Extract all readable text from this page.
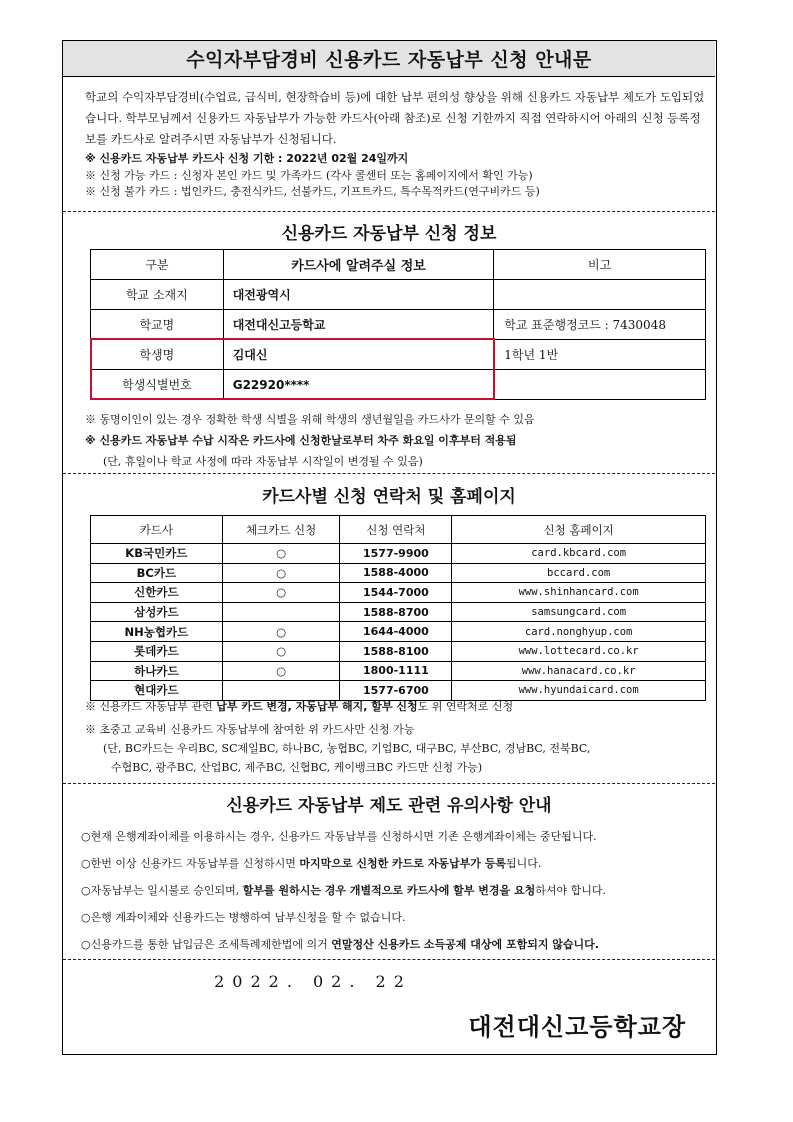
수익자부담경비 신용카드 자동납부 신청 안내문
학교의 수익자부담경비(수업료, 급식비, 현장학습비 등)에 대한 납부 편의성 향상을 위해 신용카드 자동납부 제도가 도입되었습니다. 학부모님께서 신용카드 자동납부가 가능한 카드사(아래 참조)로 신청 기한까지 직접 연락하시어 아래의 신청 등록정보를 카드사로 알려주시면 자동납부가 신청됩니다.
※ 신용카드 자동납부 카드사 신청 기한 : 2022년 02월 24일까지
※ 신청 가능 카드 : 신청자 본인 카드 및 가족카드 (각사 콜센터 또는 홈페이지에서 확인 가능)
※ 신청 불가 카드 : 법인카드, 충전식카드, 선불카드, 기프트카드, 특수목적카드(연구비카드 등)
신용카드 자동납부 신청 정보
구분	카드사에 알려주실 정보	비고
학교 소재지	대전광역시	
학교명	대전대신고등학교	학교 표준행정코드 : 7430048
학생명	김대신	1학년 1반
학생식별번호	G22920****	
※ 동명이인이 있는 경우 정확한 학생 식별을 위해 학생의 생년월일을 카드사가 문의할 수 있음
※ 신용카드 자동납부 수납 시작은 카드사에 신청한날로부터 차주 화요일 이후부터 적용됨
(단, 휴일이나 학교 사정에 따라 자동납부 시작일이 변경될 수 있음)
카드사별 신청 연락처 및 홈페이지
카드사	체크카드 신청	신청 연락처	신청 홈페이지
KB국민카드	○	1577-9900	card.kbcard.com
BC카드	○	1588-4000	bccard.com
신한카드	○	1544-7000	www.shinhancard.com
삼성카드		1588-8700	samsungcard.com
NH농협카드	○	1644-4000	card.nonghyup.com
롯데카드	○	1588-8100	www.lottecard.co.kr
하나카드	○	1800-1111	www.hanacard.co.kr
현대카드		1577-6700	www.hyundaicard.com
※ 신용카드 자동납부 관련 납부 카드 변경, 자동납부 해지, 할부 신청도 위 연락처로 신청
※ 초중고 교육비 신용카드 자동납부에 참여한 위 카드사만 신청 가능
(단, BC카드는 우리BC, SC제일BC, 하나BC, 농협BC, 기업BC, 대구BC, 부산BC, 경남BC, 전북BC,
수협BC, 광주BC, 산업BC, 제주BC, 신협BC, 케이뱅크BC 카드만 신청 가능)
신용카드 자동납부 제도 관련 유의사항 안내
○현재 은행계좌이체를 이용하시는 경우, 신용카드 자동납부를 신청하시면 기존 은행계좌이체는 중단됩니다.
○한번 이상 신용카드 자동납부를 신청하시면 마지막으로 신청한 카드로 자동납부가 등록됩니다.
○자동납부는 일시불로 승인되며, 할부를 원하시는 경우 개별적으로 카드사에 할부 변경을 요청하셔야 합니다.
○은행 계좌이체와 신용카드는 병행하여 납부신청을 할 수 없습니다.
○신용카드를 통한 납입금은 조세특례제한법에 의거 연말정산 신용카드 소득공제 대상에 포함되지 않습니다.
2022. 02. 22
대전대신고등학교장
